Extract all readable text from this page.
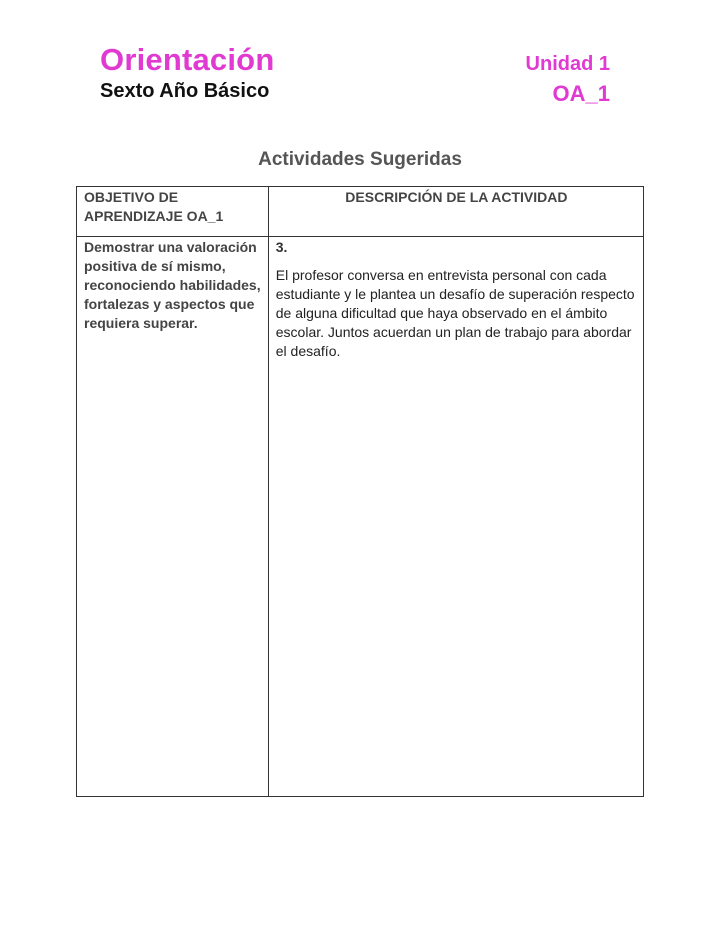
Orientación
Sexto Año Básico
Unidad 1
OA_1
Actividades Sugeridas
OBJETIVO DE APRENDIZAJE OA_1	DESCRIPCIÓN DE LA ACTIVIDAD

Demostrar una valoración positiva de sí mismo, reconociendo habilidades, fortalezas y aspectos que requiera superar.	3.
El profesor conversa en entrevista personal con cada estudiante y le plantea un desafío de superación respecto de alguna dificultad que haya observado en el ámbito escolar. Juntos acuerdan un plan de trabajo para abordar el desafío.
